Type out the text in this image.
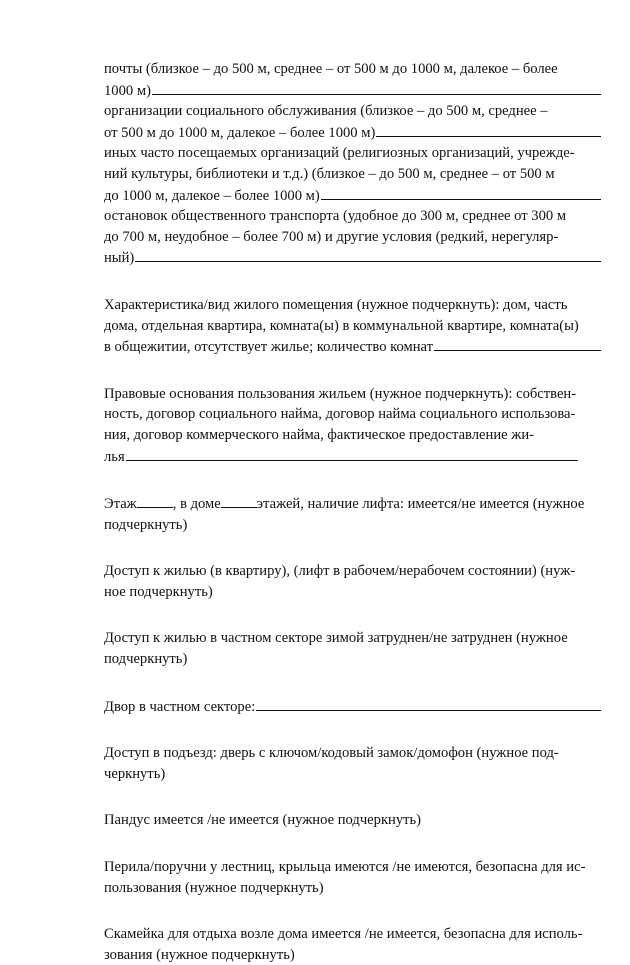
почты (близкое – до 500 м, среднее – от 500 м до 1000 м, далекое – более

1000 м)

организации социального обслуживания (близкое – до 500 м, среднее –

от 500 м до 1000 м, далекое – более 1000 м)

иных часто посещаемых организаций (религиозных организаций, учрежде-

ний культуры, библиотеки и т.д.) (близкое – до 500 м, среднее – от 500 м

до 1000 м, далекое – более 1000 м)

остановок общественного транспорта (удобное до 300 м, среднее от 300 м

до 700 м, неудобное – более 700 м) и другие условия (редкий, нерегуляр-

ный)

Характеристика/вид жилого помещения (нужное подчеркнуть): дом, часть

дома, отдельная квартира, комната(ы) в коммунальной квартире, комната(ы)

в общежитии, отсутствует жилье; количество комнат

Правовые основания пользования жильем (нужное подчеркнуть): собствен-

ность, договор социального найма, договор найма социального использова-

ния, договор коммерческого найма, фактическое предоставление жи-

лья

Этаж , в доме этажей, наличие лифта: имеется/не имеется (нужное

подчеркнуть)

Доступ к жилью (в квартиру), (лифт в рабочем/нерабочем состоянии) (нуж-

ное подчеркнуть)

Доступ к жилью в частном секторе зимой затруднен/не затруднен (нужное

подчеркнуть)

Двор в частном секторе:

Доступ в подъезд: дверь с ключом/кодовый замок/домофон (нужное под-

черкнуть)

Пандус имеется /не имеется (нужное подчеркнуть)

Перила/поручни у лестниц, крыльца имеются /не имеются, безопасна для ис-

пользования (нужное подчеркнуть)

Скамейка для отдыха возле дома имеется /не имеется, безопасна для исполь-

зования (нужное подчеркнуть)
